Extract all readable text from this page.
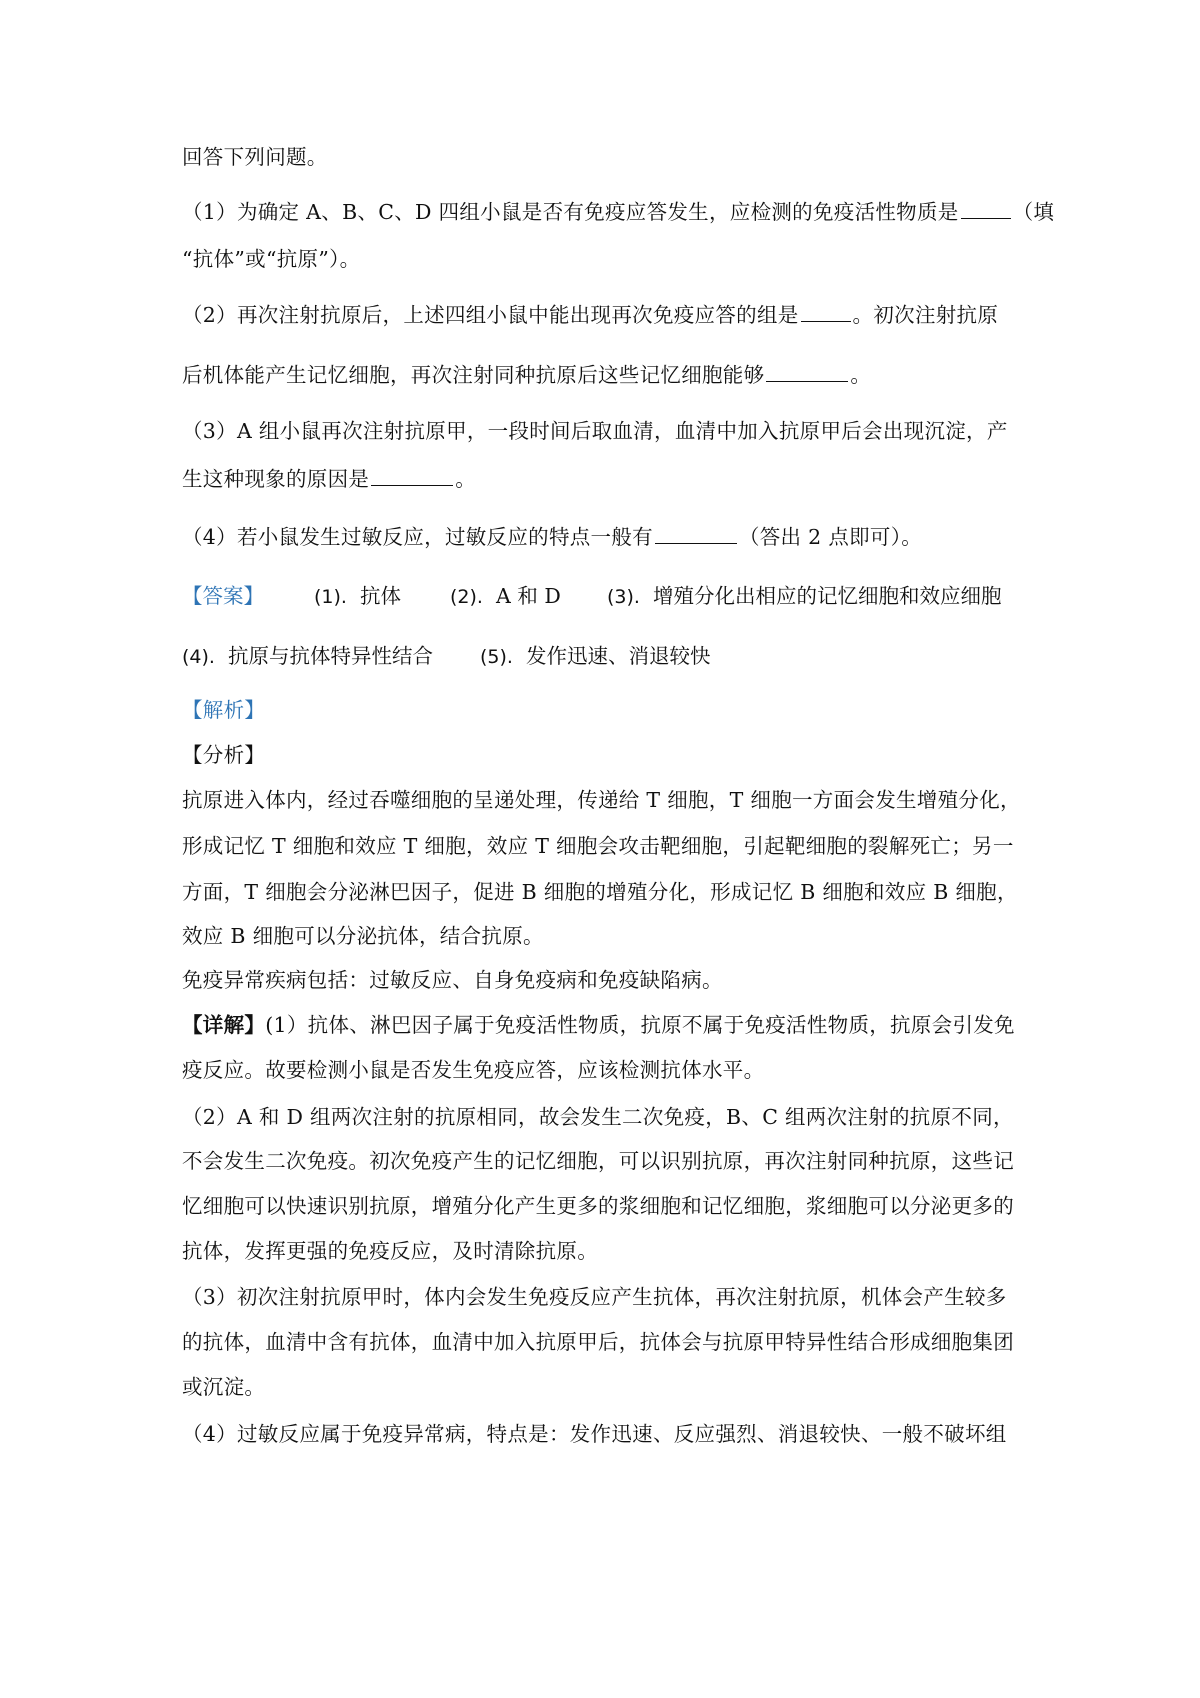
回答下列问题。
（1）为确定 A、B、C、D 四组小鼠是否有免疫应答发生，应检测的免疫活性物质是	（填
“抗体”或“抗原”）。
（2）再次注射抗原后，上述四组小鼠中能出现再次免疫应答的组是	。初次注射抗原
后机体能产生记忆细胞，再次注射同种抗原后这些记忆细胞能够	。
（3）A 组小鼠再次注射抗原甲，一段时间后取血清，血清中加入抗原甲后会出现沉淀，产
生这种现象的原因是	。
（4）若小鼠发生过敏反应，过敏反应的特点一般有	（答出 2 点即可）。
【答案】	(1). 抗体	(2). A 和 D (3). 增殖分化出相应的记忆细胞和效应细胞
(4). 抗原与抗体特异性结合 (5). 发作迅速、消退较快
【解析】
【分析】
抗原进入体内，经过吞噬细胞的呈递处理，传递给 T 细胞，T 细胞一方面会发生增殖分化，
形成记忆 T 细胞和效应 T 细胞，效应 T 细胞会攻击靶细胞，引起靶细胞的裂解死亡；另一
方面，T 细胞会分泌淋巴因子，促进 B 细胞的增殖分化，形成记忆 B 细胞和效应 B 细胞，
效应 B 细胞可以分泌抗体，结合抗原。
免疫异常疾病包括：过敏反应、自身免疫病和免疫缺陷病。
【详解】(1）抗体、淋巴因子属于免疫活性物质，抗原不属于免疫活性物质，抗原会引发免
疫反应。故要检测小鼠是否发生免疫应答，应该检测抗体水平。
（2）A 和 D 组两次注射的抗原相同，故会发生二次免疫，B、C 组两次注射的抗原不同，
不会发生二次免疫。初次免疫产生的记忆细胞，可以识别抗原，再次注射同种抗原，这些记
忆细胞可以快速识别抗原，增殖分化产生更多的浆细胞和记忆细胞，浆细胞可以分泌更多的
抗体，发挥更强的免疫反应，及时清除抗原。
（3）初次注射抗原甲时，体内会发生免疫反应产生抗体，再次注射抗原，机体会产生较多
的抗体，血清中含有抗体，血清中加入抗原甲后，抗体会与抗原甲特异性结合形成细胞集团
或沉淀。
（4）过敏反应属于免疫异常病，特点是：发作迅速、反应强烈、消退较快、一般不破坏组
